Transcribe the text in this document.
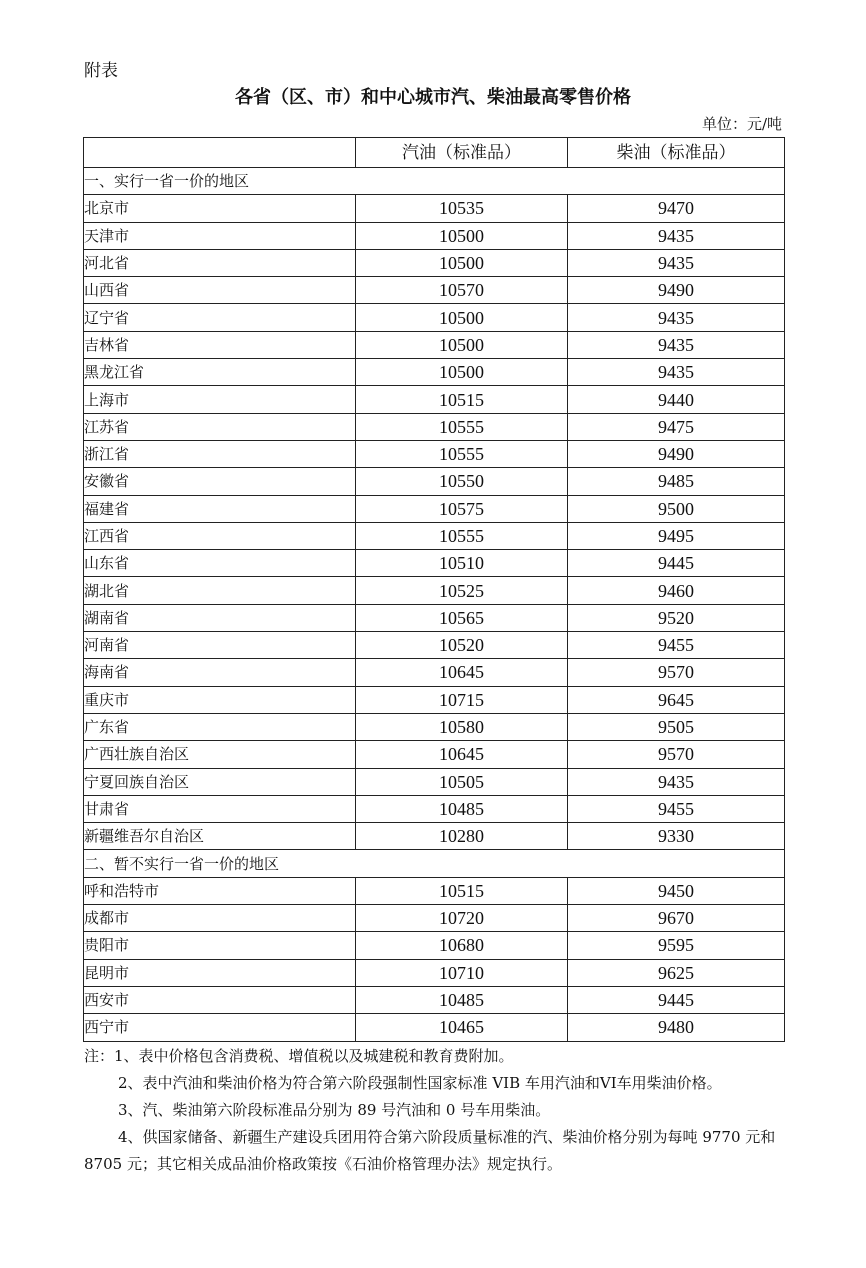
附表
各省（区、市）和中心城市汽、柴油最高零售价格
单位：元/吨
	汽油（标准品）	柴油（标准品）
一、实行一省一价的地区		
北京市	10535	9470
天津市	10500	9435
河北省	10500	9435
山西省	10570	9490
辽宁省	10500	9435
吉林省	10500	9435
黑龙江省	10500	9435
上海市	10515	9440
江苏省	10555	9475
浙江省	10555	9490
安徽省	10550	9485
福建省	10575	9500
江西省	10555	9495
山东省	10510	9445
湖北省	10525	9460
湖南省	10565	9520
河南省	10520	9455
海南省	10645	9570
重庆市	10715	9645
广东省	10580	9505
广西壮族自治区	10645	9570
宁夏回族自治区	10505	9435
甘肃省	10485	9455
新疆维吾尔自治区	10280	9330
二、暂不实行一省一价的地区		
呼和浩特市	10515	9450
成都市	10720	9670
贵阳市	10680	9595
昆明市	10710	9625
西安市	10485	9445
西宁市	10465	9480

注：1、表中价格包含消费税、增值税以及城建税和教育费附加。

2、表中汽油和柴油价格为符合第六阶段强制性国家标准 VIB 车用汽油和VI车用柴油价格。

3、汽、柴油第六阶段标准品分别为 89 号汽油和 0 号车用柴油。

4、供国家储备、新疆生产建设兵团用符合第六阶段质量标准的汽、柴油价格分别为每吨 9770 元和 8705 元；其它相关成品油价格政策按《石油价格管理办法》规定执行。
